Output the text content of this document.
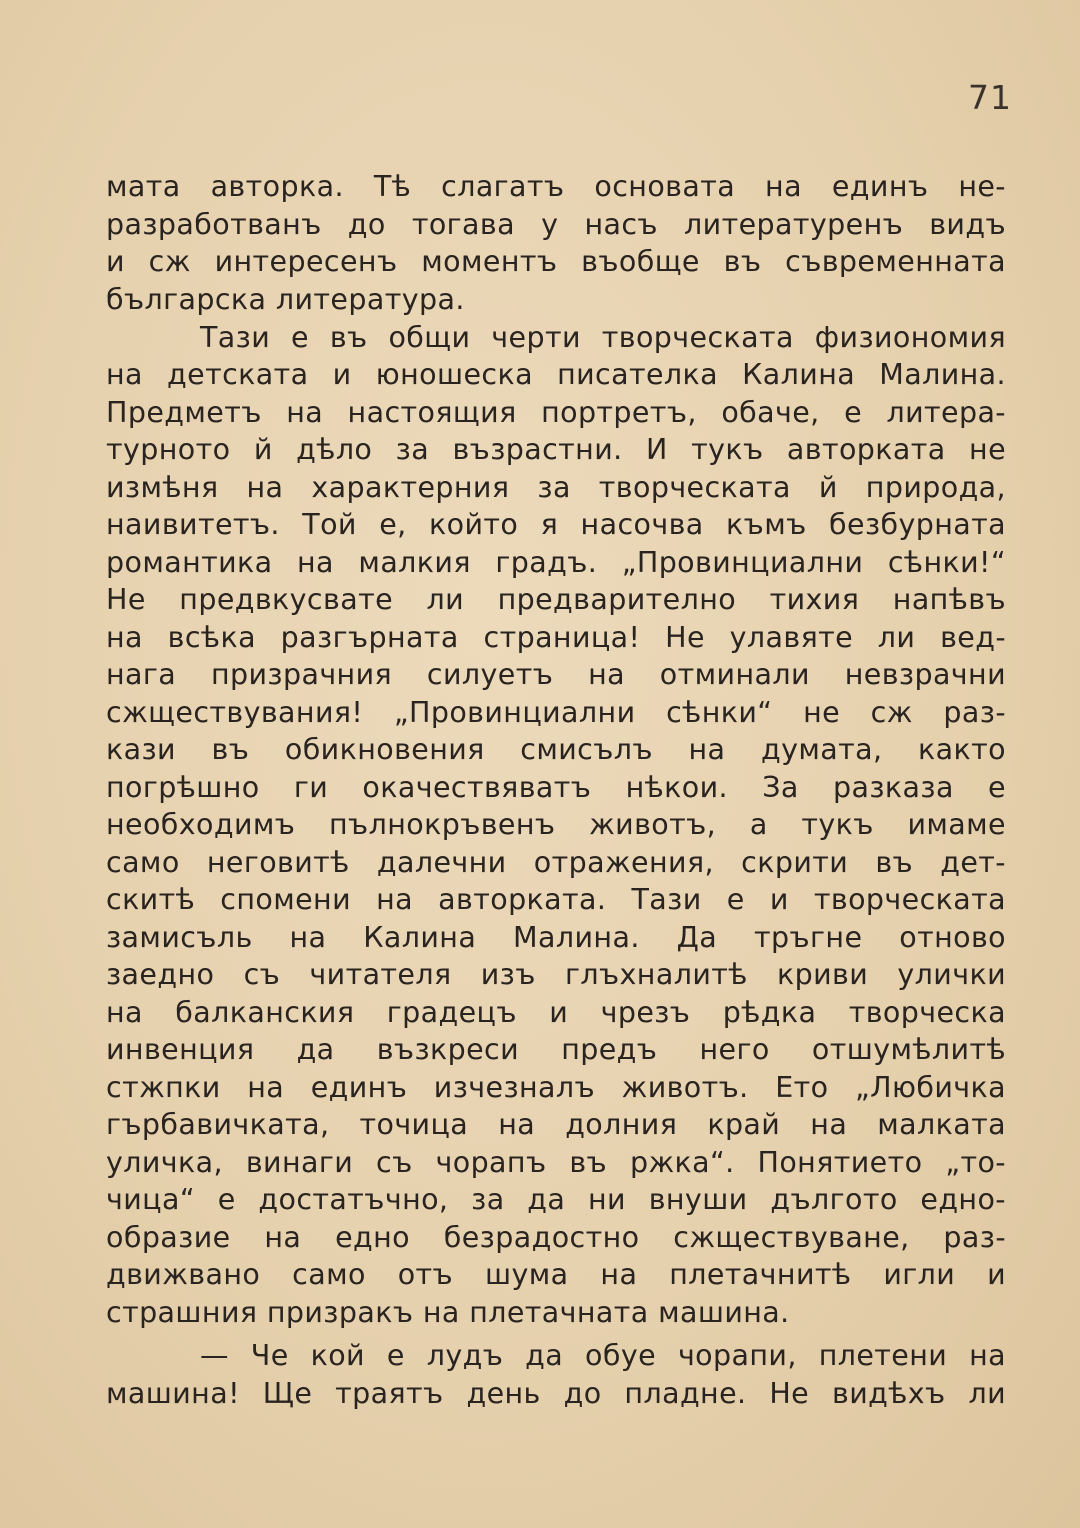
71
мата авторка. Тѣ слагатъ основата на единъ не-
разработванъ до тогава у насъ литературенъ видъ
и сж интересенъ моментъ въобще въ съвременната
българска литература.
Тази е въ общи черти творческата физиономия
на детската и юношеска писателка Калина Малина.
Предметъ на настоящия портретъ, обаче, е литера-
турното й дѣло за възрастни. И тукъ авторката не
измѣня на характерния за творческата й природа,
наивитетъ. Той е, който я насочва къмъ безбурната
романтика на малкия градъ. „Провинциални сѣнки!“
Не предвкусвате ли предварително тихия напѣвъ
на всѣка разгърната страница! Не улавяте ли вед-
нага призрачния силуетъ на отминали невзрачни
сжществувания! „Провинциални сѣнки“ не сж раз-
кази въ обикновения смисълъ на думата, както
погрѣшно ги окачествяватъ нѣкои. За разказа е
необходимъ пълнокръвенъ животъ, а тукъ имаме
само неговитѣ далечни отражения, скрити въ дет-
скитѣ спомени на авторката. Тази е и творческата
замисъль на Калина Малина. Да тръгне отново
заедно съ читателя изъ глъхналитѣ криви улички
на балканския градецъ и чрезъ рѣдка творческа
инвенция да възкреси предъ него отшумѣлитѣ
стжпки на единъ изчезналъ животъ. Ето „Любичка
гърбавичката, точица на долния край на малката
уличка, винаги съ чорапъ въ ржка“. Понятието „то-
чица“ е достатъчно, за да ни внуши дългото едно-
образие на едно безрадостно сжществуване, раз-
движвано само отъ шума на плетачнитѣ игли и
страшния призракъ на плетачната машина.
— Че кой е лудъ да обуе чорапи, плетени на
машина! Ще траятъ день до пладне. Не видѣхъ ли
